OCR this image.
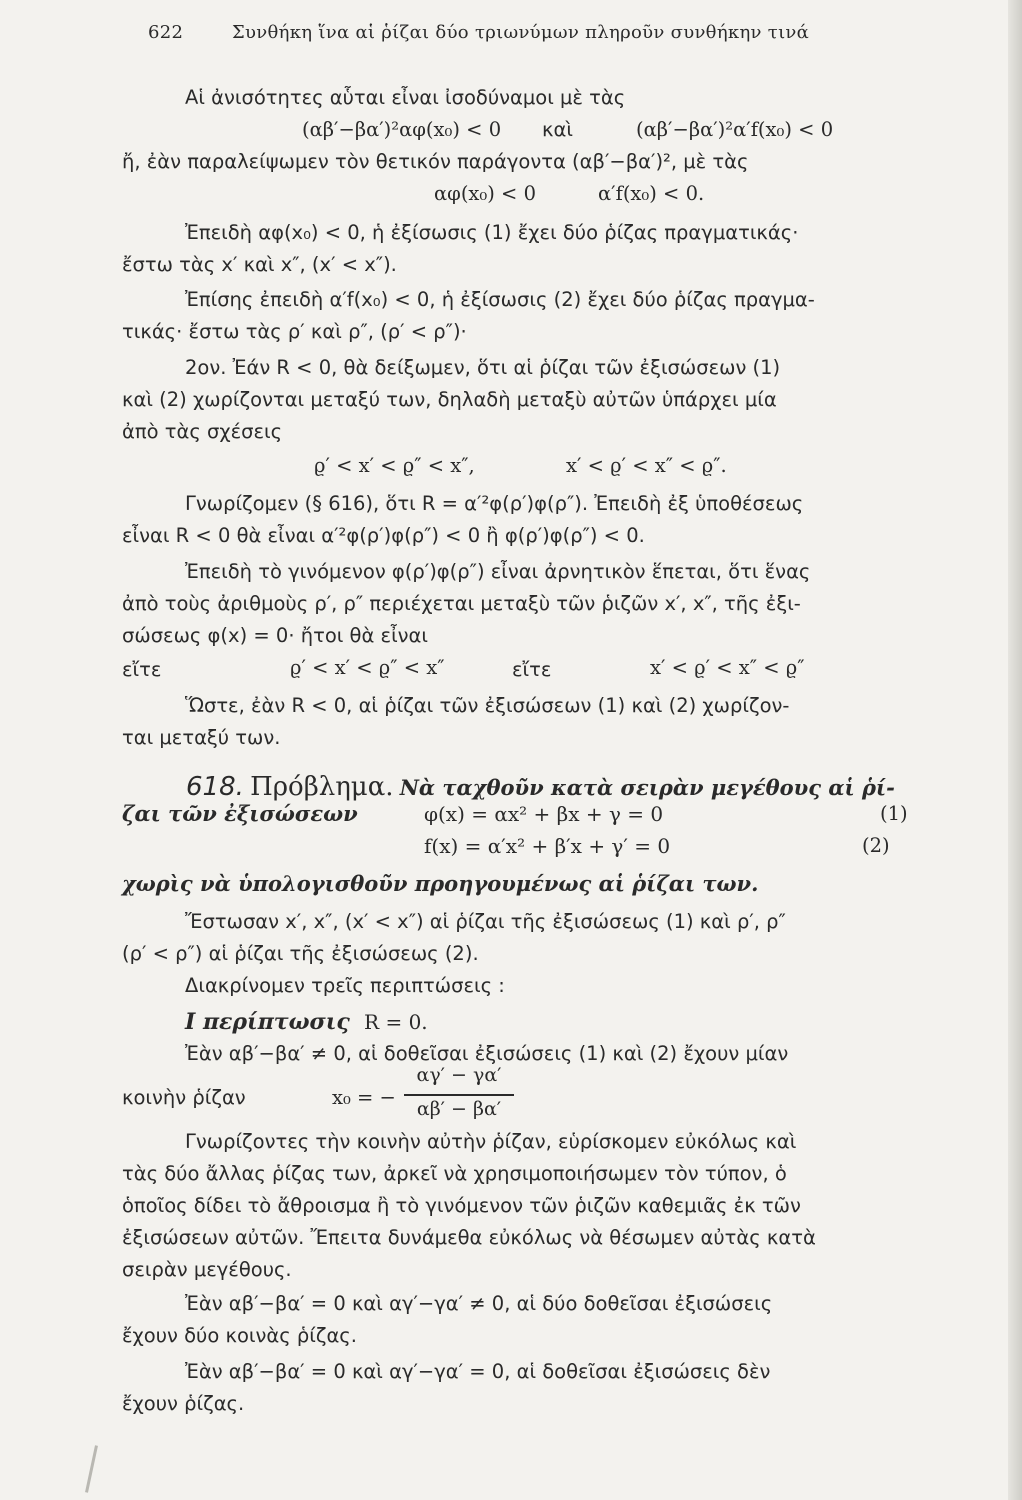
622	Συνθήκη ἵνα αἱ ῥίζαι δύο τριωνύμων πληροῦν συνθήκην τινά
Αἱ ἀνισότητες αὗται εἶναι ἰσοδύναμοι μὲ τὰς
(αβ′−βα′)²αφ(x₀) < 0 καὶ	(αβ′−βα′)²α′f(x₀) < 0
ἤ, ἐὰν παραλείψωμεν τὸν θετικόν παράγοντα (αβ′−βα′)², μὲ τὰς
αφ(x₀) < 0	α′f(x₀) < 0.
Ἐπειδὴ αφ(x₀) < 0, ἡ ἐξίσωσις (1) ἔχει δύο ῥίζας πραγματικάς·
ἔστω τὰς x′ καὶ x″, (x′ < x″).
Ἐπίσης ἐπειδὴ α′f(x₀) < 0, ἡ ἐξίσωσις (2) ἔχει δύο ῥίζας πραγμα-
τικάς· ἔστω τὰς ρ′ καὶ ρ″, (ρ′ < ρ″)·
2ον. Ἐάν R < 0, θὰ δείξωμεν, ὅτι αἱ ῥίζαι τῶν ἐξισώσεων (1)
καὶ (2) χωρίζονται μεταξύ των, δηλαδὴ μεταξὺ αὐτῶν ὑπάρχει μία
ἀπὸ τὰς σχέσεις
ϱ′ < x′ < ϱ″ < x″,	x′ < ϱ′ < x″ < ϱ″.
Γνωρίζομεν (§ 616), ὅτι R = α′²φ(ρ′)φ(ρ″). Ἐπειδὴ ἐξ ὑποθέσεως
εἶναι R < 0 θὰ εἶναι α′²φ(ρ′)φ(ρ″) < 0 ἢ φ(ρ′)φ(ρ″) < 0.
Ἐπειδὴ τὸ γινόμενον φ(ρ′)φ(ρ″) εἶναι ἀρνητικὸν ἕπεται, ὅτι ἕνας
ἀπὸ τοὺς ἀριθμοὺς ρ′, ρ″ περιέχεται μεταξὺ τῶν ῥιζῶν x′, x″, τῆς ἐξι-
σώσεως φ(x) = 0· ἤτοι θὰ εἶναι
εἴτε	ϱ′ < x′ < ϱ″ < x″	εἴτε	x′ < ϱ′ < x″ < ϱ″
Ὥστε, ἐὰν R < 0, αἱ ῥίζαι τῶν ἐξισώσεων (1) καὶ (2) χωρίζον-
ται μεταξύ των.
618. Πρόβλημα. Νὰ ταχθοῦν κατὰ σειρὰν μεγέθους αἱ ῥί-
ζαι τῶν ἐξισώσεων	φ(x) = αx² + βx + γ = 0	(1)
f(x) = α′x² + β′x + γ′ = 0	(2)
χωρὶς νὰ ὑπολογισθοῦν προηγουμένως αἱ ῥίζαι των.
Ἔστωσαν x′, x″, (x′ < x″) αἱ ῥίζαι τῆς ἐξισώσεως (1) καὶ ρ′, ρ″
(ρ′ < ρ″) αἱ ῥίζαι τῆς ἐξισώσεως (2).
Διακρίνομεν τρεῖς περιπτώσεις :
Ι περίπτωσις R = 0.
Ἐὰν αβ′−βα′ ≠ 0, αἱ δοθεῖσαι ἐξισώσεις (1) καὶ (2) ἔχουν μίαν
κοινὴν ῥίζαν	x₀ = −
αγ′ − γα′
αβ′ − βα′
Γνωρίζοντες τὴν κοινὴν αὐτὴν ῥίζαν, εὑρίσκομεν εὐκόλως καὶ
τὰς δύο ἄλλας ῥίζας των, ἀρκεῖ νὰ χρησιμοποιήσωμεν τὸν τύπον, ὁ
ὁποῖος δίδει τὸ ἄθροισμα ἢ τὸ γινόμενον τῶν ῥιζῶν καθεμιᾶς ἐκ τῶν
ἐξισώσεων αὐτῶν. Ἔπειτα δυνάμεθα εὐκόλως νὰ θέσωμεν αὐτὰς κατὰ
σειρὰν μεγέθους.
Ἐὰν αβ′−βα′ = 0 καὶ αγ′−γα′ ≠ 0, αἱ δύο δοθεῖσαι ἐξισώσεις
ἔχουν δύο κοινὰς ῥίζας.
Ἐὰν αβ′−βα′ = 0 καὶ αγ′−γα′ = 0, αἱ δοθεῖσαι ἐξισώσεις δὲν
ἔχουν ῥίζας.
